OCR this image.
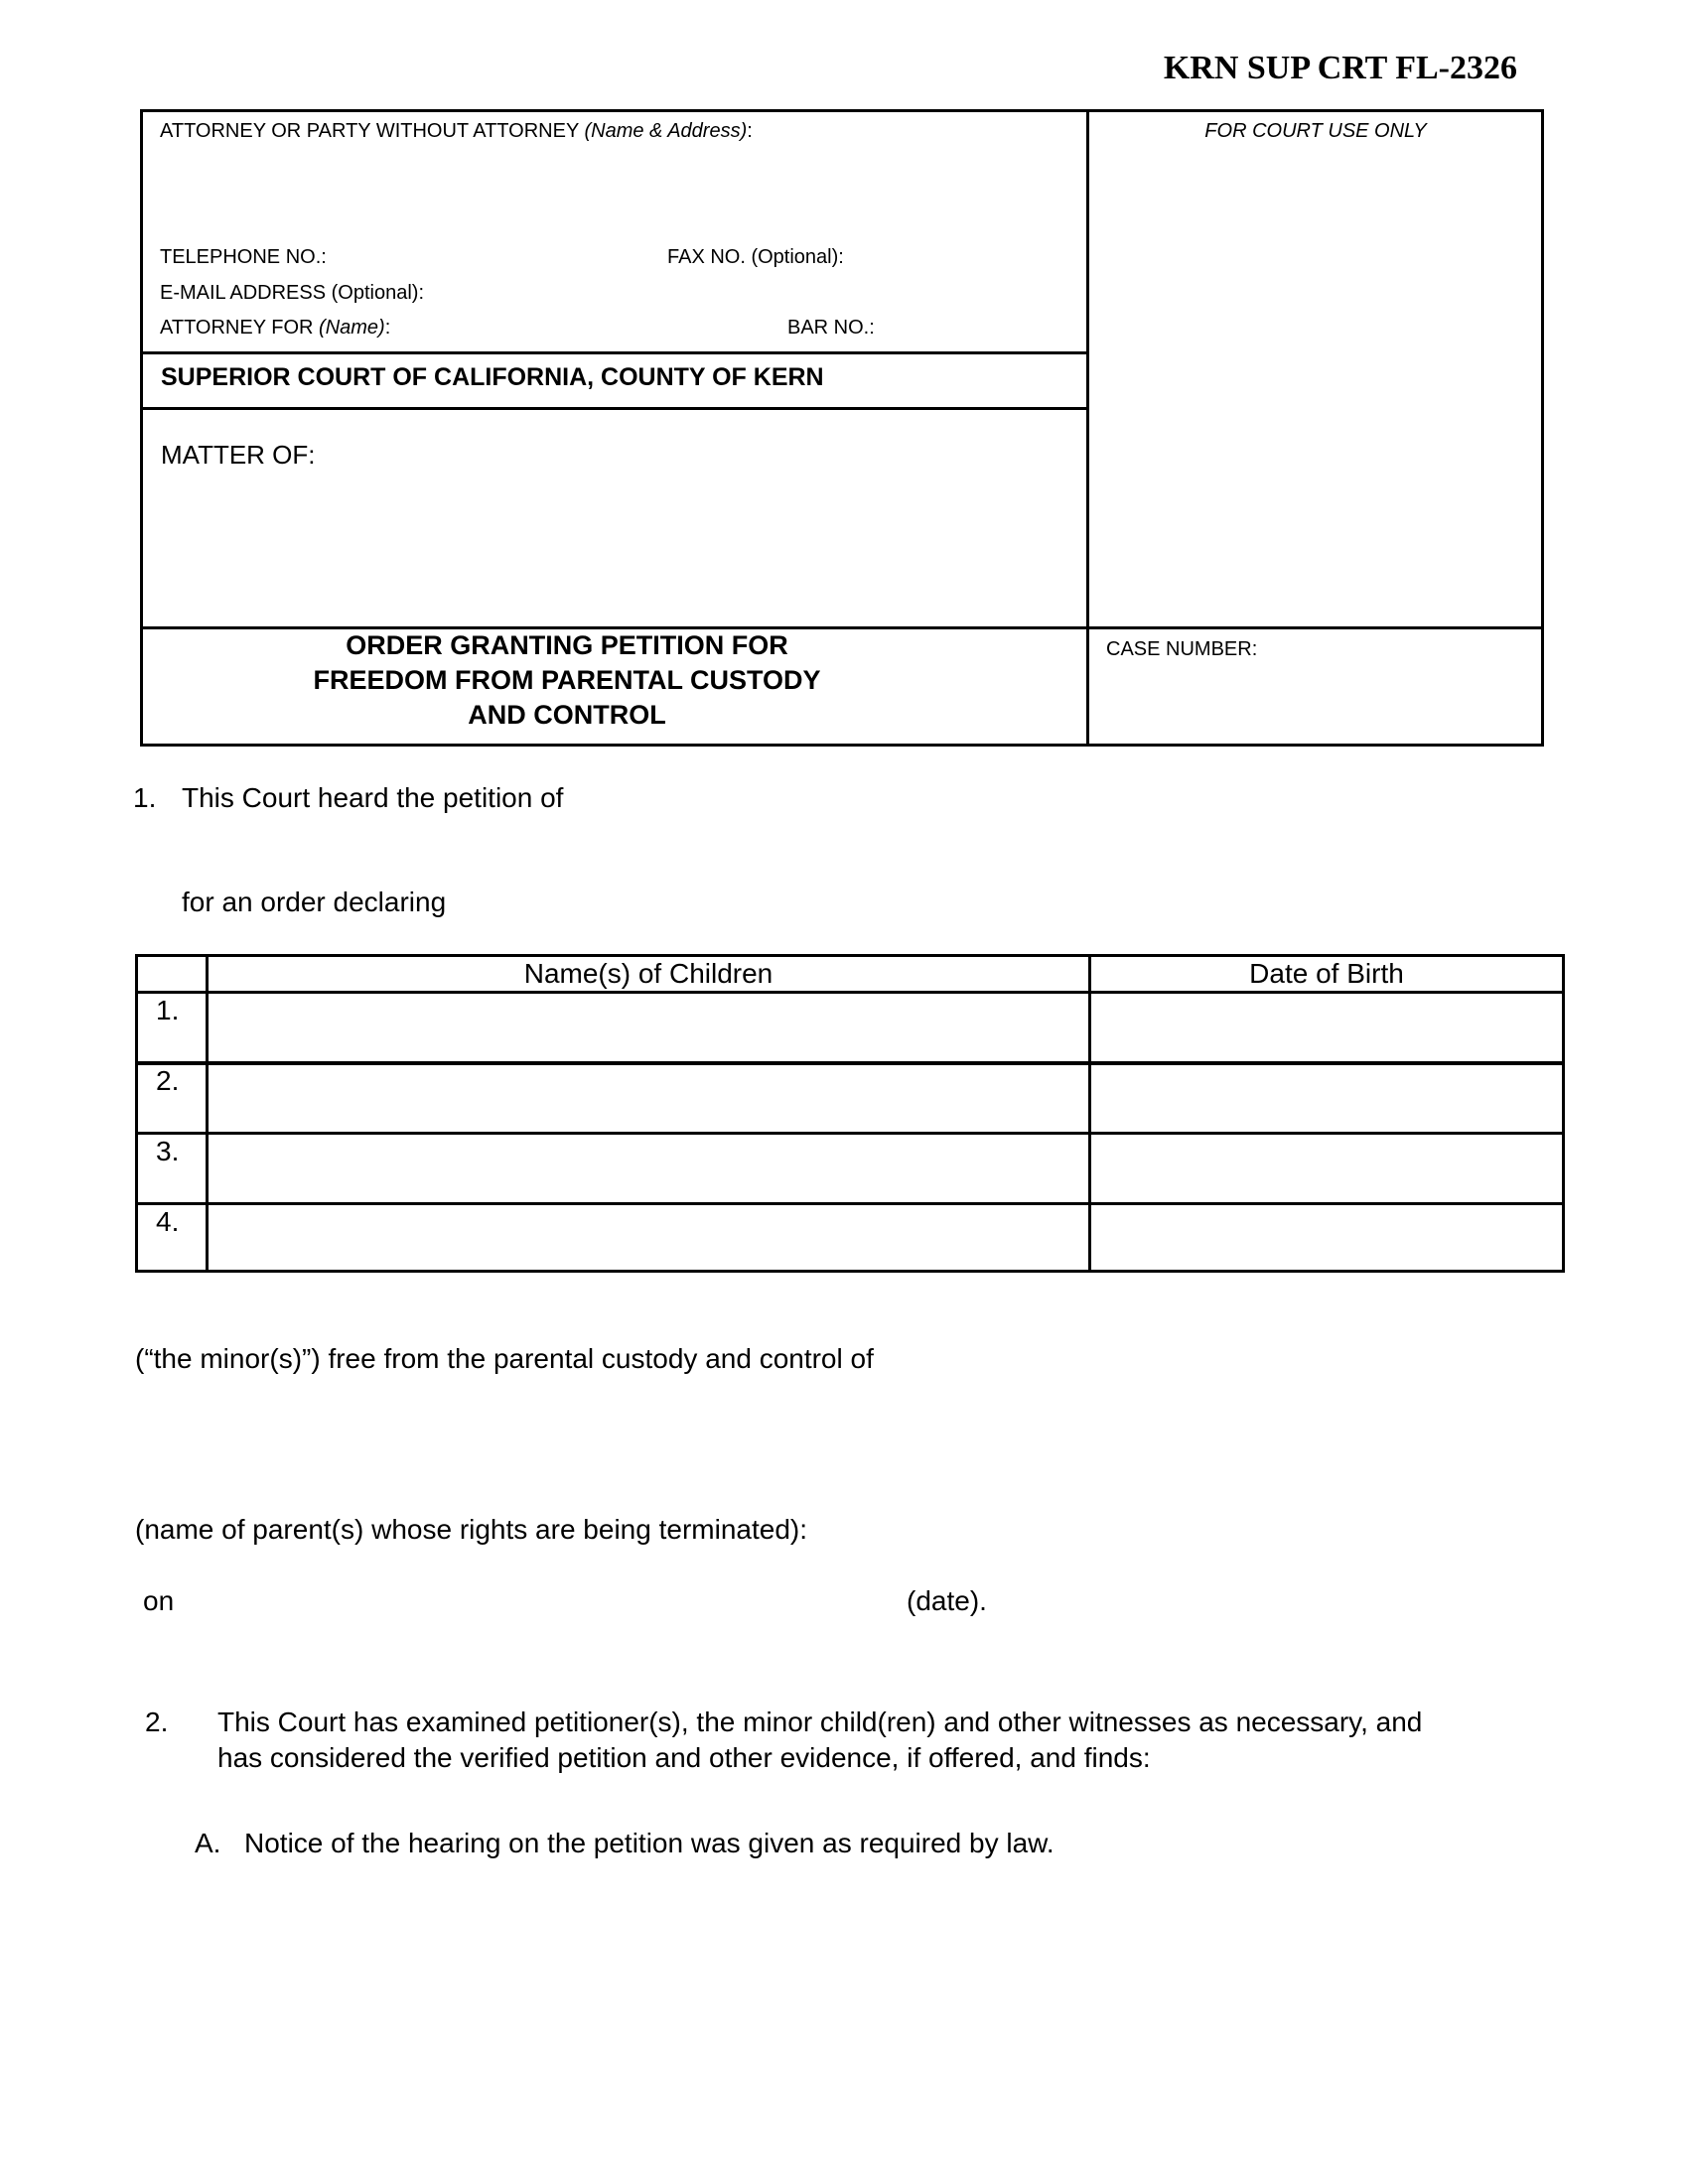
KRN SUP CRT FL-2326
ATTORNEY OR PARTY WITHOUT ATTORNEY (Name & Address):	FOR COURT USE ONLY
TELEPHONE NO.:	FAX NO. (Optional):
E-MAIL ADDRESS (Optional):
ATTORNEY FOR (Name):	BAR NO.:
SUPERIOR COURT OF CALIFORNIA, COUNTY OF KERN
MATTER OF:
ORDER GRANTING PETITION FOR
FREEDOM FROM PARENTAL CUSTODY
AND CONTROL
CASE NUMBER:
1. This Court heard the petition of
for an order declaring
Name(s) of Children	Date of Birth
1.
2.
3.
4.
(“the minor(s)”) free from the parental custody and control of
(name of parent(s) whose rights are being terminated):
on	(date).
2. This Court has examined petitioner(s), the minor child(ren) and other witnesses as necessary, and
has considered the verified petition and other evidence, if offered, and finds:
A. Notice of the hearing on the petition was given as required by law.
